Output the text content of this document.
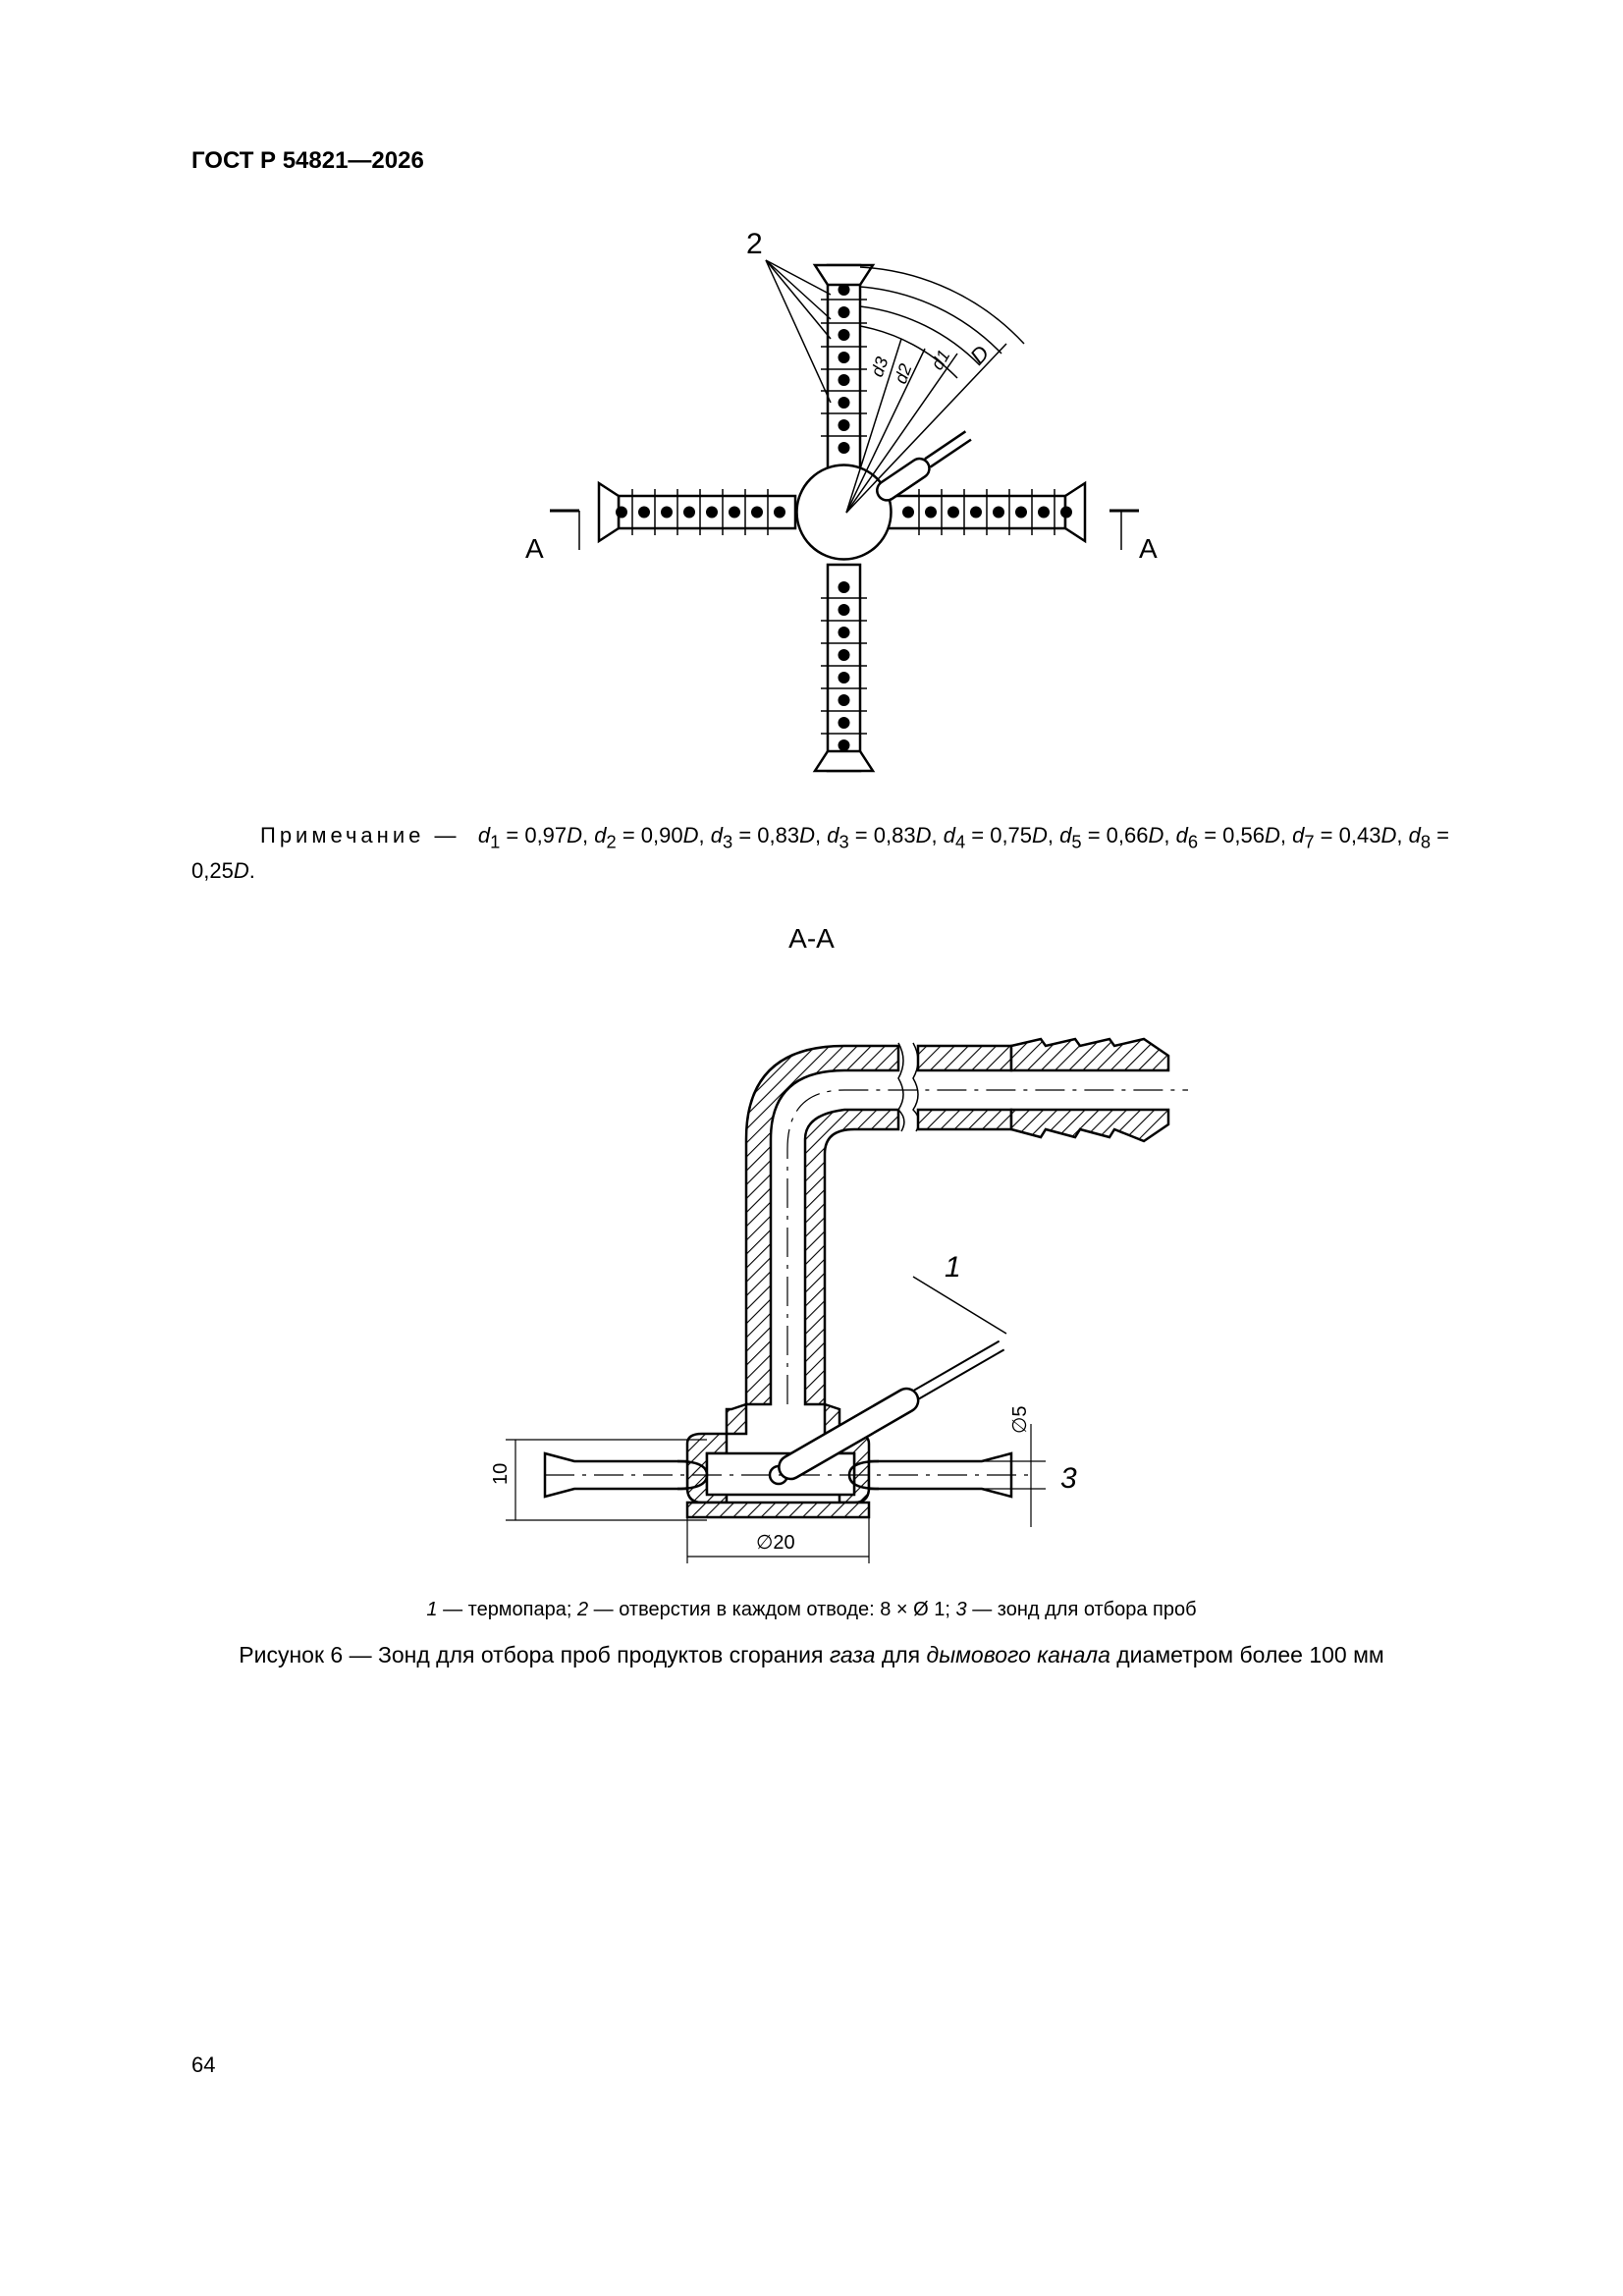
ГОСТ Р 54821—2026
2
A	A
d3
d2
d1 D
1
3
10
∅20
∅5
Примечание — $d_1 = 0,97D$, $d_2 = 0,90D$, $d_3 = 0,83D$, $d_3 = 0,83D$, $d_4 = 0,75D$, $d_5 = 0,66D$, $d_6 = 0,56D$, $d_7 = 0,43D$, $d_8 = 0,25D$.
A-A
1 — термопара; 2 — отверстия в каждом отводе: 8 × Ø 1; 3 — зонд для отбора проб
Рисунок 6 — Зонд для отбора проб продуктов сгорания газа для дымового канала диаметром более 100 мм
64
